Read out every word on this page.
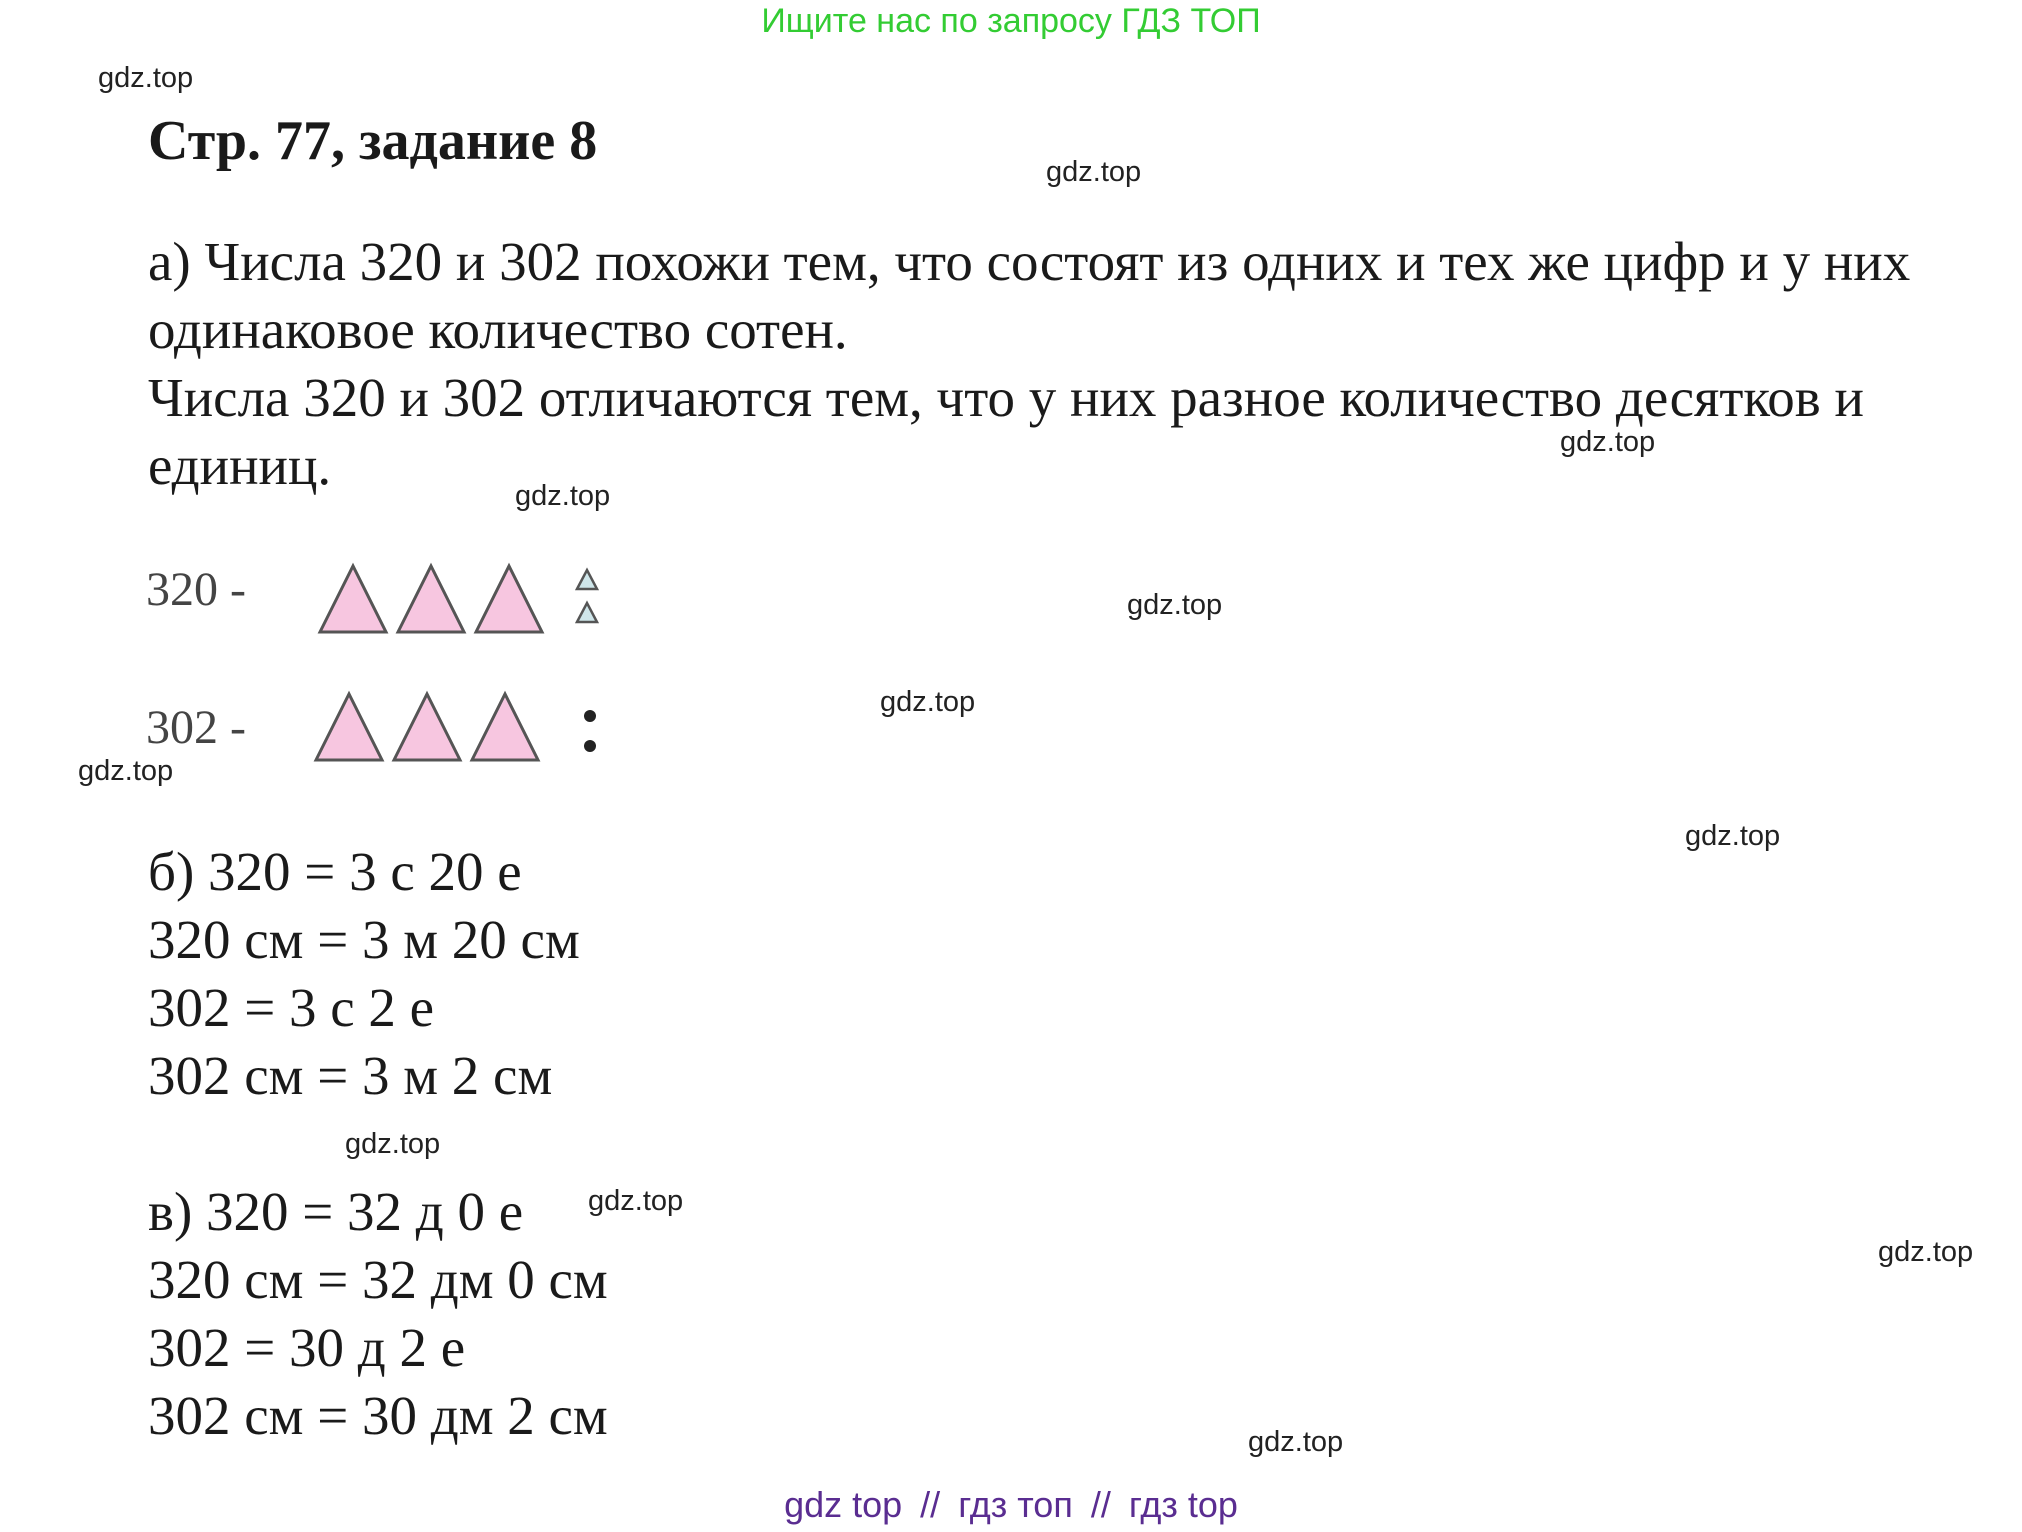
Ищите нас по запросу ГДЗ ТОП
gdz.top
gdz.top
gdz.top
gdz.top
gdz.top
gdz.top
gdz.top
gdz.top
gdz.top
gdz.top
gdz.top
gdz.top
Стр. 77, задание 8

а) Числа 320 и 302 похожи тем, что состоят из одних и тех же цифр и у них одинаковое количество сотен.

Числа 320 и 302 отличаются тем, что у них разное количество десятков и единиц.

320 -
302 -
б) 320 = 3 с 20 е
320 см = 3 м 20 см
302 = 3 с 2 е
302 см = 3 м 2 см
в) 320 = 32 д 0 е
320 см = 32 дм 0 см
302 = 30 д 2 е
302 см = 30 дм 2 см
gdz top // гдз топ // гдз top
